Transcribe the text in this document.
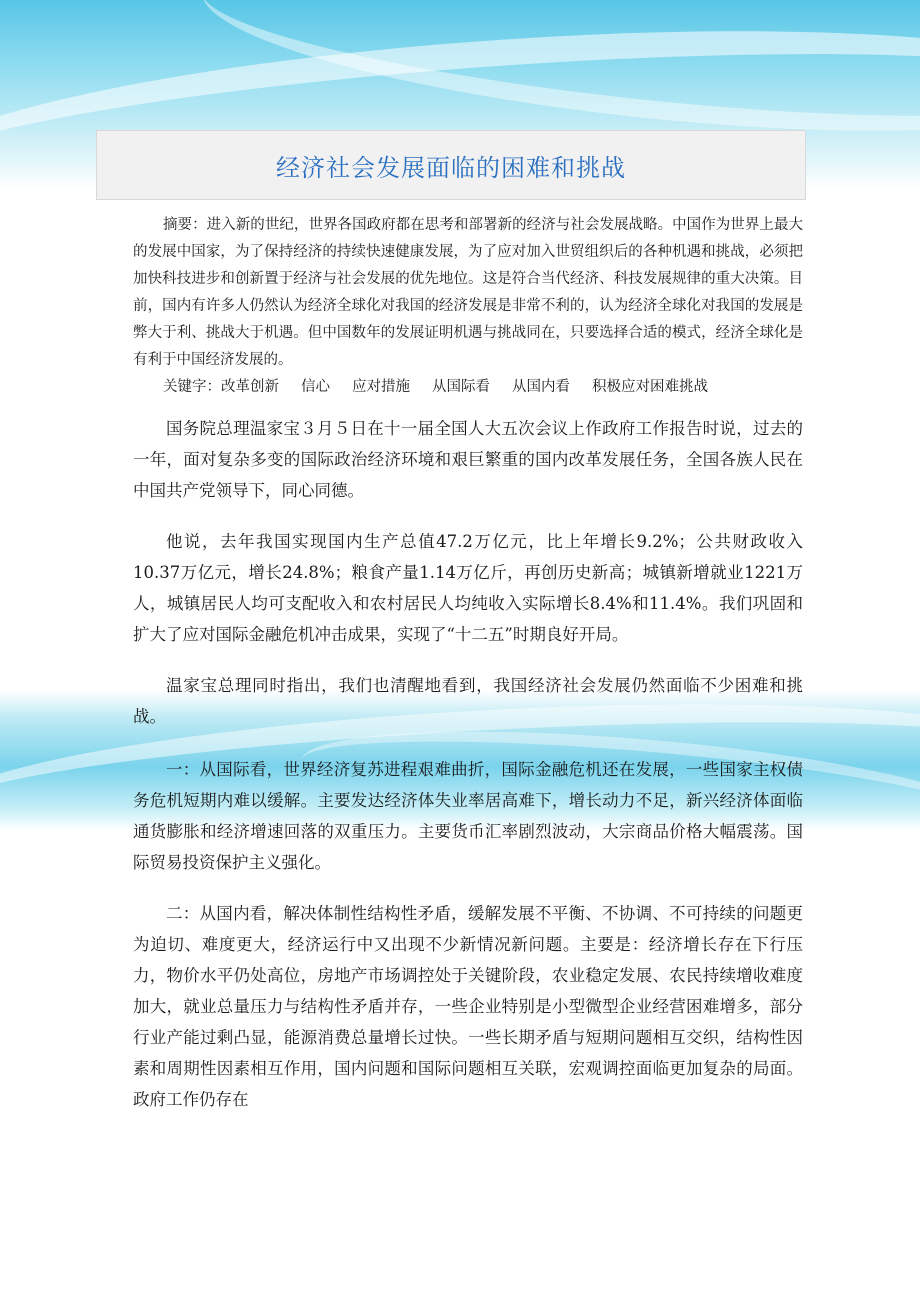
经济社会发展面临的困难和挑战

摘要：进入新的世纪，世界各国政府都在思考和部署新的经济与社会发展战略。中国作为世界上最大的发展中国家，为了保持经济的持续快速健康发展，为了应对加入世贸组织后的各种机遇和挑战，必须把加快科技进步和创新置于经济与社会发展的优先地位。这是符合当代经济、科技发展规律的重大决策。目前，国内有许多人仍然认为经济全球化对我国的经济发展是非常不利的，认为经济全球化对我国的发展是弊大于利、挑战大于机遇。但中国数年的发展证明机遇与挑战同在，只要选择合适的模式，经济全球化是有利于中国经济发展的。

关键字：改革创新 信心 应对措施 从国际看 从国内看 积极应对困难挑战

国务院总理温家宝３月５日在十一届全国人大五次会议上作政府工作报告时说，过去的一年，面对复杂多变的国际政治经济环境和艰巨繁重的国内改革发展任务，全国各族人民在中国共产党领导下，同心同德。

他说，去年我国实现国内生产总值47.2万亿元，比上年增长9.2%；公共财政收入10.37万亿元，增长24.8%；粮食产量1.14万亿斤，再创历史新高；城镇新增就业1221万人，城镇居民人均可支配收入和农村居民人均纯收入实际增长8.4%和11.4%。我们巩固和扩大了应对国际金融危机冲击成果，实现了“十二五”时期良好开局。

温家宝总理同时指出，我们也清醒地看到，我国经济社会发展仍然面临不少困难和挑战。

一：从国际看，世界经济复苏进程艰难曲折，国际金融危机还在发展，一些国家主权债务危机短期内难以缓解。主要发达经济体失业率居高难下，增长动力不足，新兴经济体面临通货膨胀和经济增速回落的双重压力。主要货币汇率剧烈波动，大宗商品价格大幅震荡。国际贸易投资保护主义强化。

二：从国内看，解决体制性结构性矛盾，缓解发展不平衡、不协调、不可持续的问题更为迫切、难度更大，经济运行中又出现不少新情况新问题。主要是：经济增长存在下行压力，物价水平仍处高位，房地产市场调控处于关键阶段，农业稳定发展、农民持续增收难度加大，就业总量压力与结构性矛盾并存，一些企业特别是小型微型企业经营困难增多，部分行业产能过剩凸显，能源消费总量增长过快。一些长期矛盾与短期问题相互交织，结构性因素和周期性因素相互作用，国内问题和国际问题相互关联，宏观调控面临更加复杂的局面。政府工作仍存在
